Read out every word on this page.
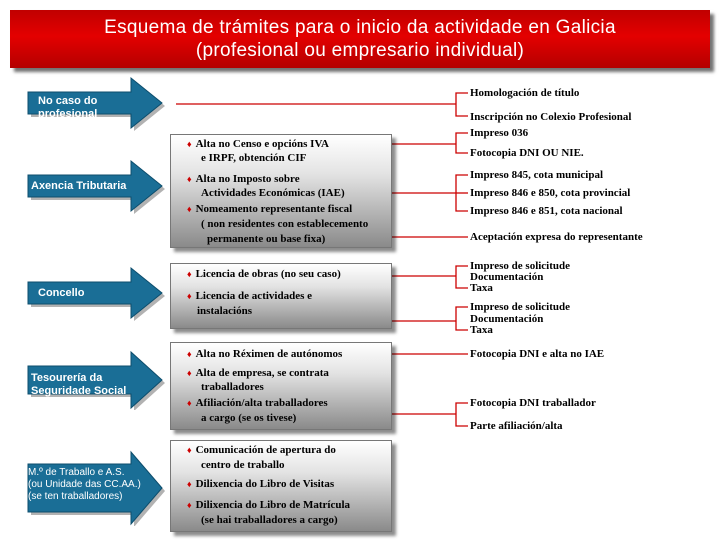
Esquema de trámites para o inicio da actividade en Galicia
(profesional ou empresario individual)
No caso do
profesional
Axencia Tributaria
Concello
Tesourería da
Seguridade Social
M.º de Traballo e A.S.
(ou Unidade das CC.AA.)
(se ten traballadores)
♦ Alta no Censo e opcións IVA
e IRPF, obtención CIF
♦ Alta no Imposto sobre
Actividades Económicas (IAE)
♦ Nomeamento representante fiscal
( non residentes con establecemento
permanente ou base fixa)
♦ Licencia de obras (no seu caso)
♦ Licencia de actividades e
instalacións
♦ Alta no Réximen de autónomos
♦ Alta de empresa, se contrata
traballadores
♦ Afiliación/alta traballadores
a cargo (se os tivese)
♦ Comunicación de apertura do
centro de traballo
♦ Dilixencia do Libro de Visitas
♦ Dilixencia do Libro de Matrícula
(se hai traballadores a cargo)
Homologación de título
Inscripción no Colexio Profesional
Impreso 036
Fotocopia DNI OU NIE.
Impreso 845, cota municipal
Impreso 846 e 850, cota provincial
Impreso 846 e 851, cota nacional
Aceptación expresa do representante
Impreso de solicitude
Documentación
Taxa
Impreso de solicitude
Documentación
Taxa
Fotocopia DNI e alta no IAE
Fotocopia DNI traballador
Parte afiliación/alta
